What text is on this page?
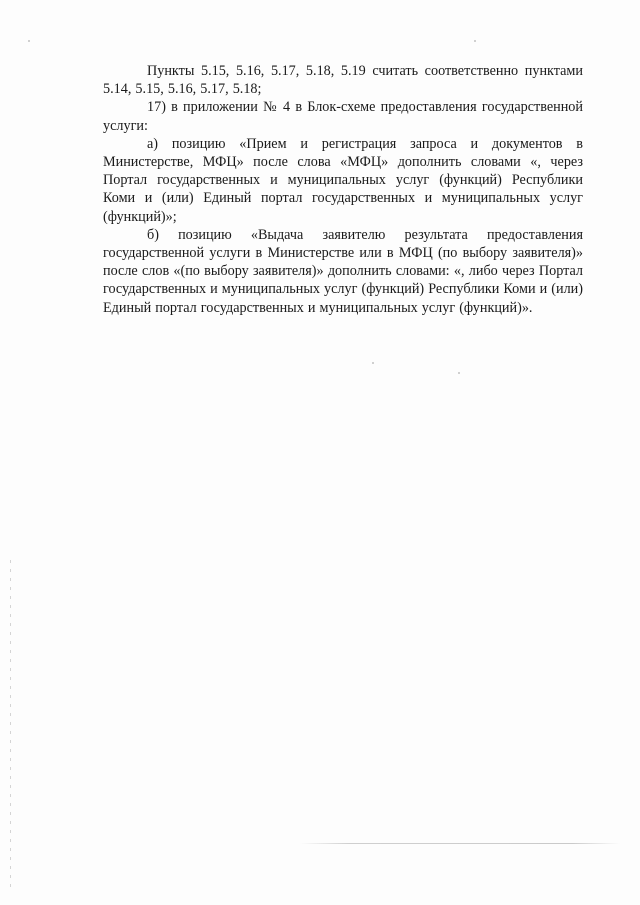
Пункты 5.15, 5.16, 5.17, 5.18, 5.19 считать соответственно пунктами 5.14, 5.15, 5.16, 5.17, 5.18;

17) в приложении № 4 в Блок-схеме предоставления государственной услуги:

а) позицию «Прием и регистрация запроса и документов в Министерстве, МФЦ» после слова «МФЦ» дополнить словами «, через Портал государственных и муниципальных услуг (функций) Республики Коми и (или) Единый портал государственных и муниципальных услуг (функций)»;

б) позицию «Выдача заявителю результата предоставления государственной услуги в Министерстве или в МФЦ (по выбору заявителя)» после слов «(по выбору заявителя)» дополнить словами: «, либо через Портал государственных и муниципальных услуг (функций) Республики Коми и (или) Единый портал государственных и муниципальных услуг (функций)».
